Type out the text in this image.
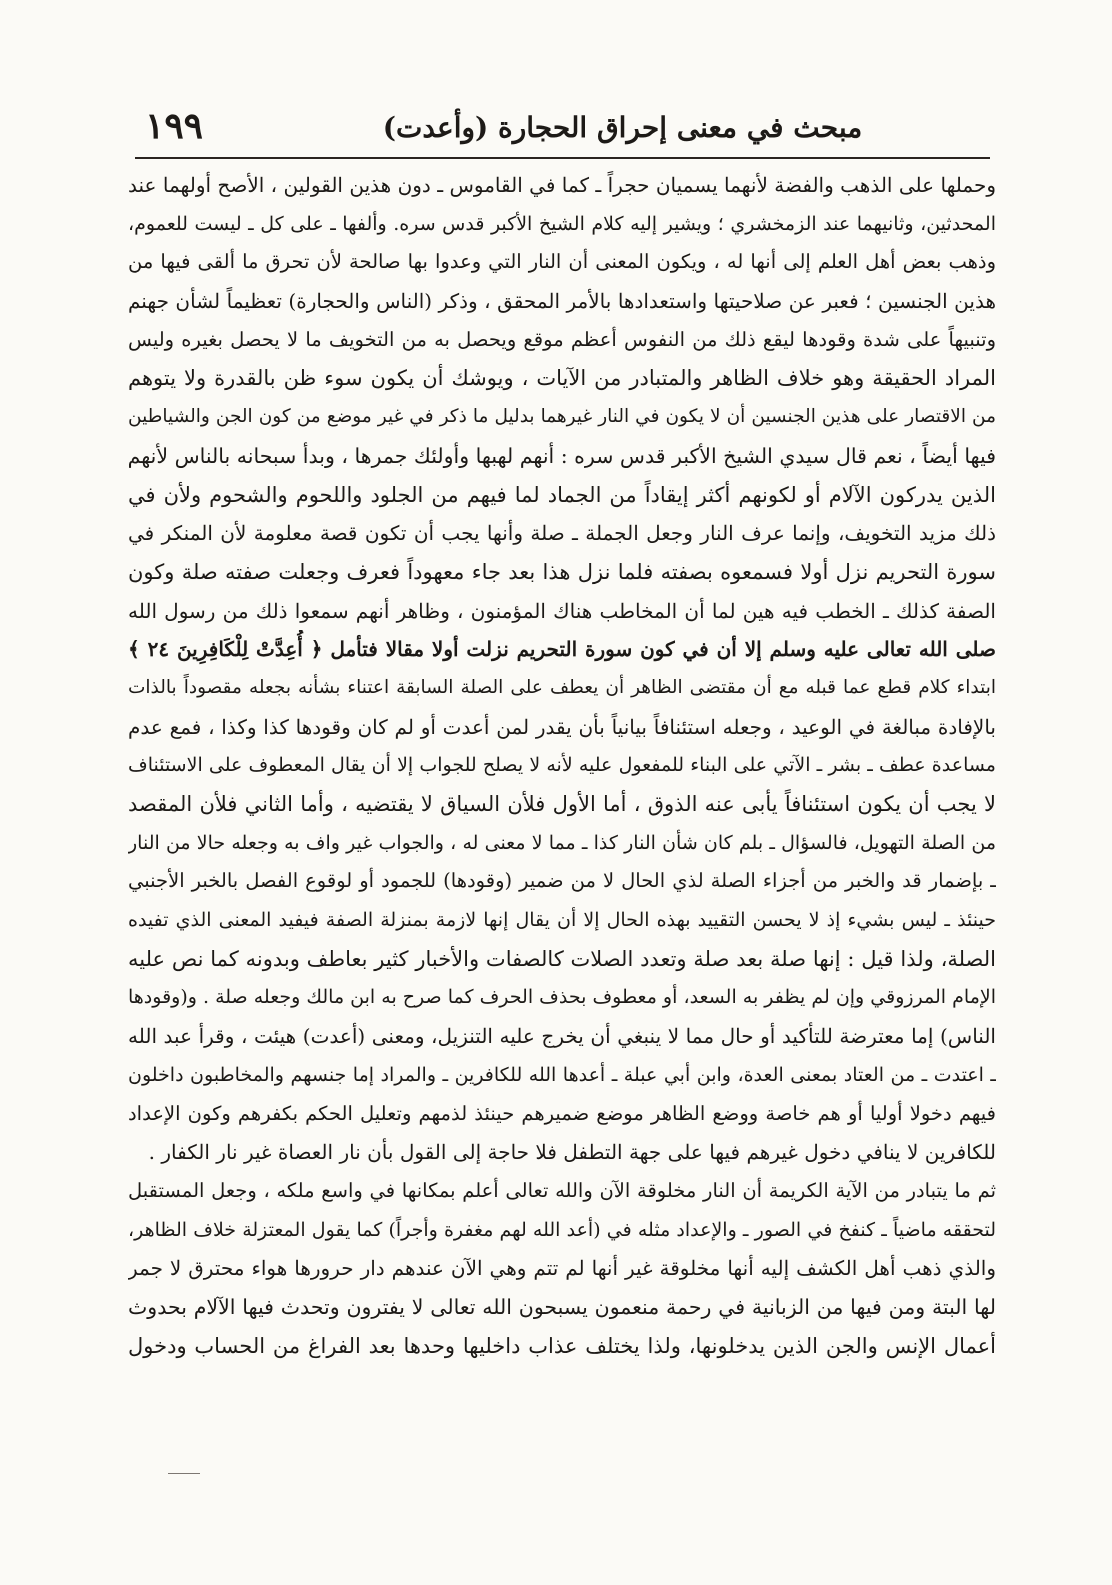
١٩٩	مبحث في معنى إحراق الحجارة (وأعدت)
وحملها على الذهب والفضة لأنهما يسميان حجراً ـ كما في القاموس ـ دون هذين القولين ، الأصح أولهما عند
المحدثين، وثانيهما عند الزمخشري ؛ ويشير إليه كلام الشيخ الأكبر قدس سره. وألفها ـ على كل ـ ليست للعموم،
وذهب بعض أهل العلم إلى أنها له ، ويكون المعنى أن النار التي وعدوا بها صالحة لأن تحرق ما ألقى فيها من
هذين الجنسين ؛ فعبر عن صلاحيتها واستعدادها بالأمر المحقق ، وذكر (الناس والحجارة) تعظيماً لشأن جهنم
وتنبيهاً على شدة وقودها ليقع ذلك من النفوس أعظم موقع ويحصل به من التخويف ما لا يحصل بغيره وليس
المراد الحقيقة وهو خلاف الظاهر والمتبادر من الآيات ، ويوشك أن يكون سوء ظن بالقدرة ولا يتوهم
من الاقتصار على هذين الجنسين أن لا يكون في النار غيرهما بدليل ما ذكر في غير موضع من كون الجن والشياطين
فيها أيضاً ، نعم قال سيدي الشيخ الأكبر قدس سره : أنهم لهبها وأولئك جمرها ، وبدأ سبحانه بالناس لأنهم
الذين يدركون الآلام أو لكونهم أكثر إيقاداً من الجماد لما فيهم من الجلود واللحوم والشحوم ولأن في
ذلك مزيد التخويف، وإنما عرف النار وجعل الجملة ـ صلة وأنها يجب أن تكون قصة معلومة لأن المنكر في
سورة التحريم نزل أولا فسمعوه بصفته فلما نزل هذا بعد جاء معهوداً فعرف وجعلت صفته صلة وكون
الصفة كذلك ـ الخطب فيه هين لما أن المخاطب هناك المؤمنون ، وظاهر أنهم سمعوا ذلك من رسول الله
صلى الله تعالى عليه وسلم إلا أن في كون سورة التحريم نزلت أولا مقالا فتأمل ﴿ أُعِدَّتْ لِلْكَافِرِينَ ٢٤ ﴾
ابتداء كلام قطع عما قبله مع أن مقتضى الظاهر أن يعطف على الصلة السابقة اعتناء بشأنه بجعله مقصوداً بالذات
بالإفادة مبالغة في الوعيد ، وجعله استئنافاً بيانياً بأن يقدر لمن أعدت أو لم كان وقودها كذا وكذا ، فمع عدم
مساعدة عطف ـ بشر ـ الآتي على البناء للمفعول عليه لأنه لا يصلح للجواب إلا أن يقال المعطوف على الاستئناف
لا يجب أن يكون استئنافاً يأبى عنه الذوق ، أما الأول فلأن السياق لا يقتضيه ، وأما الثاني فلأن المقصد
من الصلة التهويل، فالسؤال ـ بلم كان شأن النار كذا ـ مما لا معنى له ، والجواب غير واف به وجعله حالا من النار
ـ بإضمار قد والخبر من أجزاء الصلة لذي الحال لا من ضمير (وقودها) للجمود أو لوقوع الفصل بالخبر الأجنبي
حينئذ ـ ليس بشيء إذ لا يحسن التقييد بهذه الحال إلا أن يقال إنها لازمة بمنزلة الصفة فيفيد المعنى الذي تفيده
الصلة، ولذا قيل : إنها صلة بعد صلة وتعدد الصلات كالصفات والأخبار كثير بعاطف وبدونه كما نص عليه
الإمام المرزوقي وإن لم يظفر به السعد، أو معطوف بحذف الحرف كما صرح به ابن مالك وجعله صلة . و(وقودها
الناس) إما معترضة للتأكيد أو حال مما لا ينبغي أن يخرج عليه التنزيل، ومعنى (أعدت) هيئت ، وقرأ عبد الله
ـ اعتدت ـ من العتاد بمعنى العدة، وابن أبي عبلة ـ أعدها الله للكافرين ـ والمراد إما جنسهم والمخاطبون داخلون
فيهم دخولا أوليا أو هم خاصة ووضع الظاهر موضع ضميرهم حينئذ لذمهم وتعليل الحكم بكفرهم وكون الإعداد
للكافرين لا ينافي دخول غيرهم فيها على جهة التطفل فلا حاجة إلى القول بأن نار العصاة غير نار الكفار .
ثم ما يتبادر من الآية الكريمة أن النار مخلوقة الآن والله تعالى أعلم بمكانها في واسع ملكه ، وجعل المستقبل
لتحققه ماضياً ـ كنفخ في الصور ـ والإعداد مثله في (أعد الله لهم مغفرة وأجراً) كما يقول المعتزلة خلاف الظاهر،
والذي ذهب أهل الكشف إليه أنها مخلوقة غير أنها لم تتم وهي الآن عندهم دار حرورها هواء محترق لا جمر
لها البتة ومن فيها من الزبانية في رحمة منعمون يسبحون الله تعالى لا يفترون وتحدث فيها الآلام بحدوث
أعمال الإنس والجن الذين يدخلونها، ولذا يختلف عذاب داخليها وحدها بعد الفراغ من الحساب ودخول
